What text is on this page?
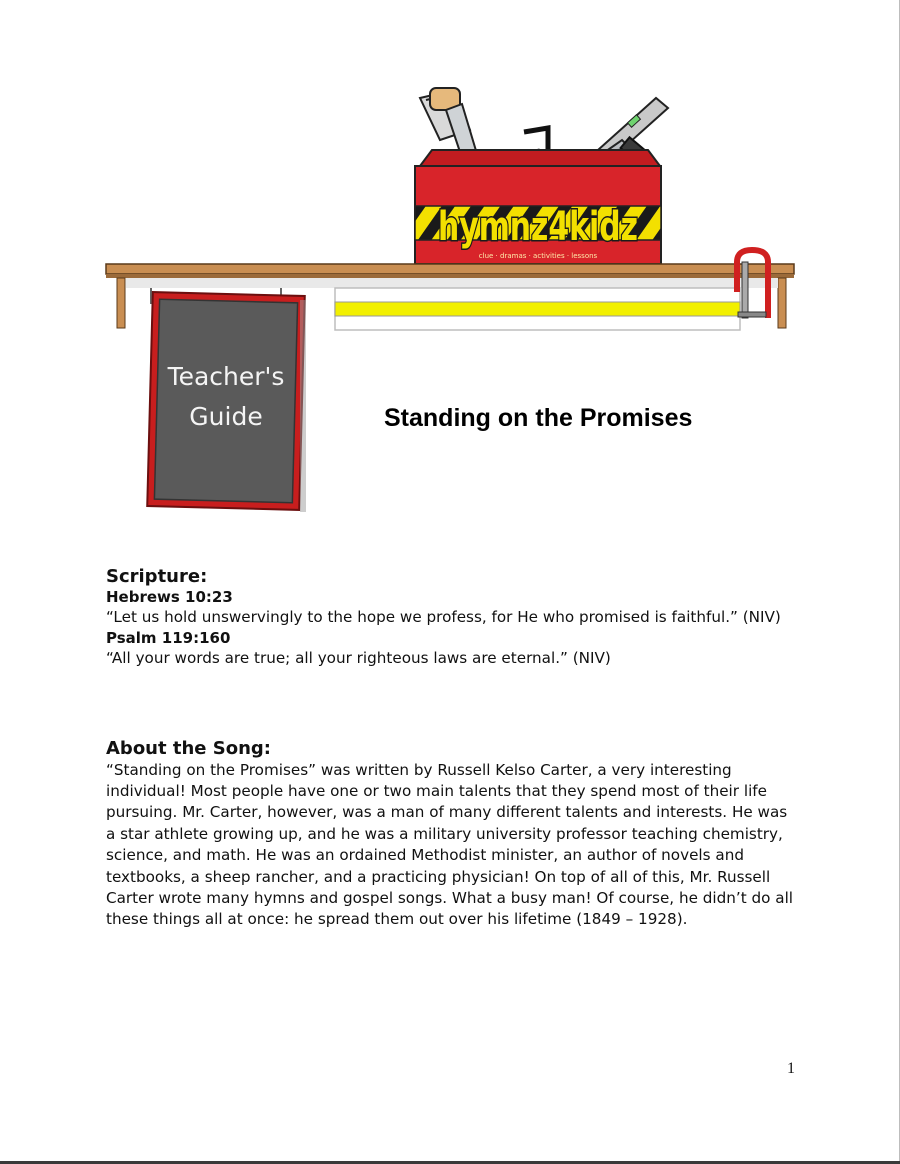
hymnz4kidz
clue · dramas · activities · lessons
Teacher's
Guide	Standing on the Promises

Scripture:

Hebrews 10:23

“Let us hold unswervingly to the hope we profess, for He who promised is faithful.” (NIV)

Psalm 119:160

“All your words are true; all your righteous laws are eternal.” (NIV)

About the Song:

“Standing on the Promises” was written by Russell Kelso Carter, a very interesting individual! Most people have one or two main talents that they spend most of their life pursuing. Mr. Carter, however, was a man of many different talents and interests. He was a star athlete growing up, and he was a military university professor teaching chemistry, science, and math. He was an ordained Methodist minister, an author of novels and textbooks, a sheep rancher, and a practicing physician! On top of all of this, Mr. Russell Carter wrote many hymns and gospel songs. What a busy man! Of course, he didn’t do all these things all at once: he spread them out over his lifetime (1849 – 1928).

1
